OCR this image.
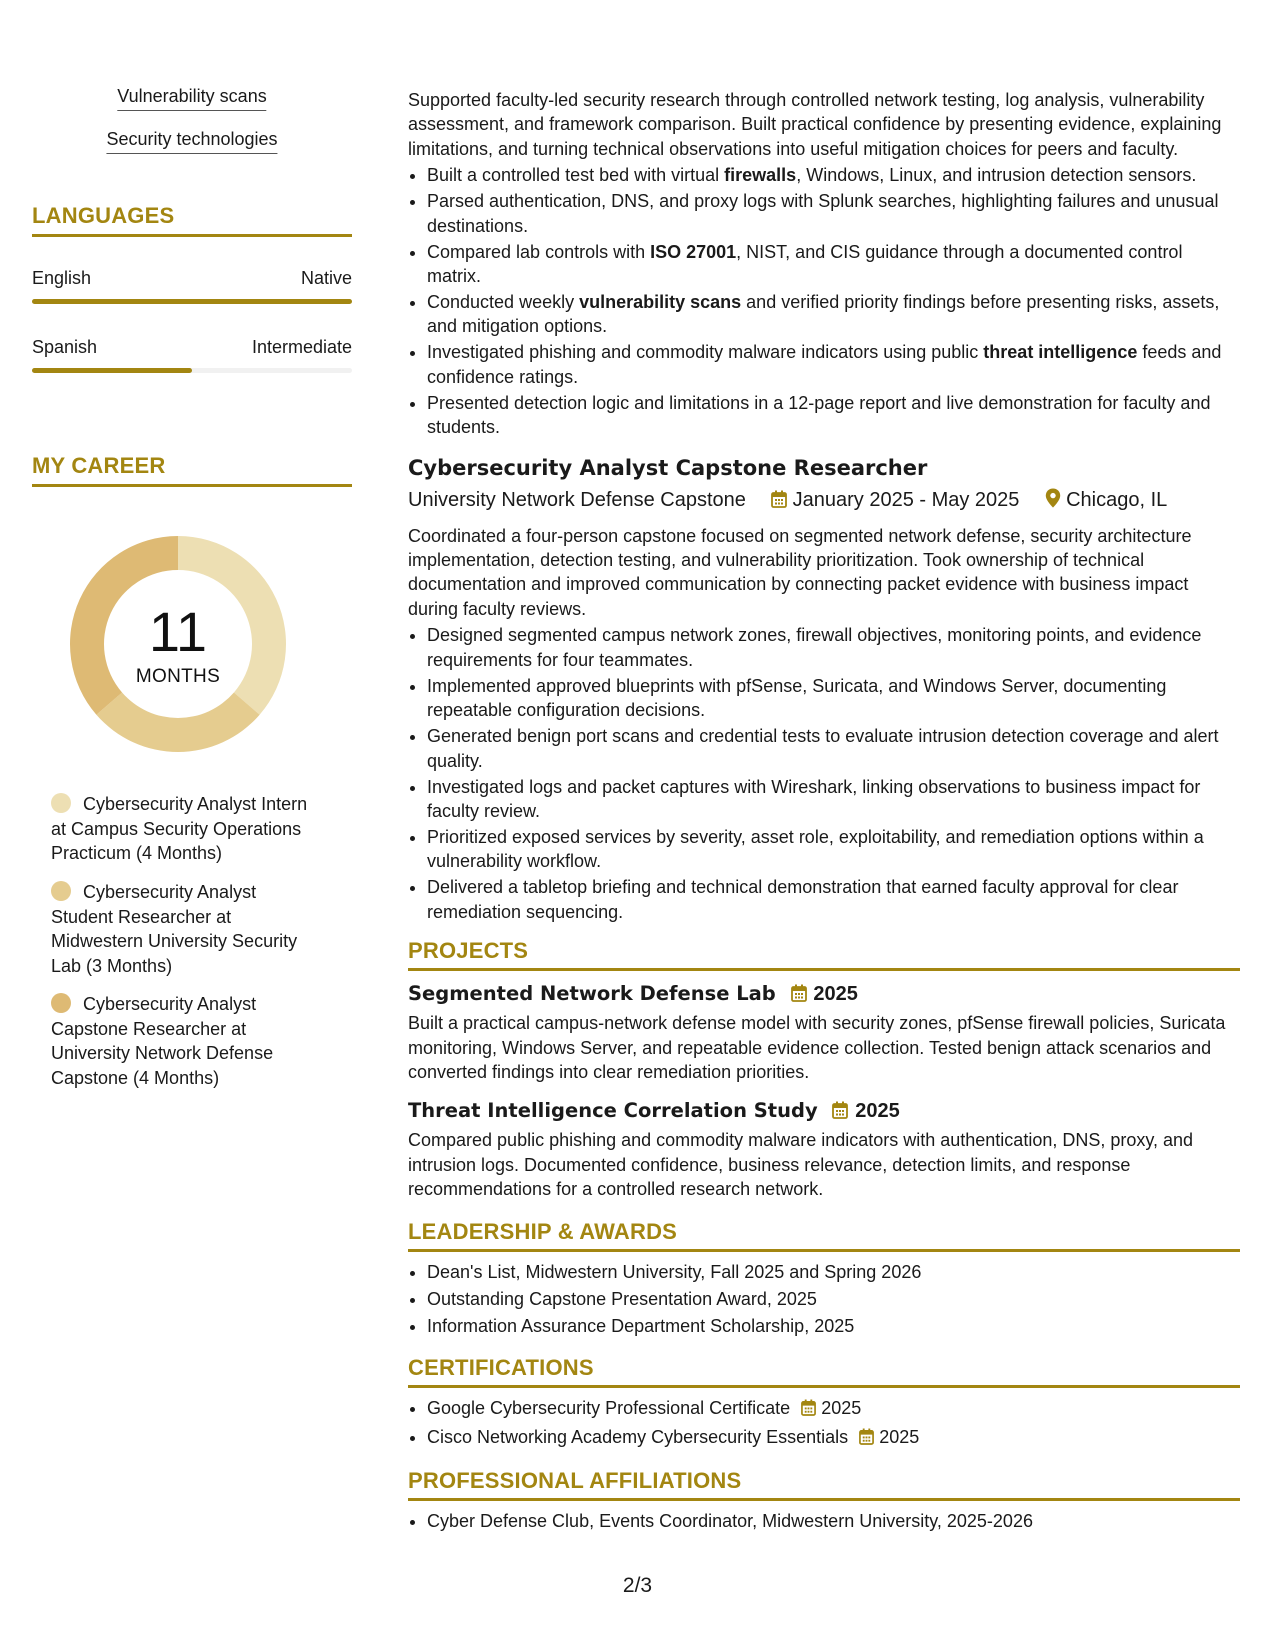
Vulnerability scans
Security technologies
LANGUAGES
English	Native
Spanish	Intermediate
MY CAREER
11
MONTHS
Cybersecurity Analyst Intern at Campus Security Operations Practicum (4 Months)
Cybersecurity Analyst Student Researcher at Midwestern University Security Lab (3 Months)
Cybersecurity Analyst Capstone Researcher at University Network Defense Capstone (4 Months)

Supported faculty-led security research through controlled network testing, log analysis, vulnerability assessment, and framework comparison. Built practical confidence by presenting evidence, explaining limitations, and turning technical observations into useful mitigation choices for peers and faculty.

• Built a controlled test bed with virtual firewalls, Windows, Linux, and intrusion detection sensors.
• Parsed authentication, DNS, and proxy logs with Splunk searches, highlighting failures and unusual destinations.
• Compared lab controls with ISO 27001, NIST, and CIS guidance through a documented control matrix.
• Conducted weekly vulnerability scans and verified priority findings before presenting risks, assets, and mitigation options.
• Investigated phishing and commodity malware indicators using public threat intelligence feeds and confidence ratings.
• Presented detection logic and limitations in a 12-page report and live demonstration for faculty and students.
Cybersecurity Analyst Capstone Researcher
University Network Defense Capstone January 2025 - May 2025 Chicago, IL

Coordinated a four-person capstone focused on segmented network defense, security architecture implementation, detection testing, and vulnerability prioritization. Took ownership of technical documentation and improved communication by connecting packet evidence with business impact during faculty reviews.

• Designed segmented campus network zones, firewall objectives, monitoring points, and evidence requirements for four teammates.
• Implemented approved blueprints with pfSense, Suricata, and Windows Server, documenting repeatable configuration decisions.
• Generated benign port scans and credential tests to evaluate intrusion detection coverage and alert quality.
• Investigated logs and packet captures with Wireshark, linking observations to business impact for faculty review.
• Prioritized exposed services by severity, asset role, exploitability, and remediation options within a vulnerability workflow.
• Delivered a tabletop briefing and technical demonstration that earned faculty approval for clear remediation sequencing.
PROJECTS
Segmented Network Defense Lab 2025

Built a practical campus-network defense model with security zones, pfSense firewall policies, Suricata monitoring, Windows Server, and repeatable evidence collection. Tested benign attack scenarios and converted findings into clear remediation priorities.

Threat Intelligence Correlation Study 2025

Compared public phishing and commodity malware indicators with authentication, DNS, proxy, and intrusion logs. Documented confidence, business relevance, detection limits, and response recommendations for a controlled research network.

LEADERSHIP & AWARDS
• Dean's List, Midwestern University, Fall 2025 and Spring 2026
• Outstanding Capstone Presentation Award, 2025
• Information Assurance Department Scholarship, 2025
CERTIFICATIONS
• Google Cybersecurity Professional Certificate 2025
• Cisco Networking Academy Cybersecurity Essentials 2025
PROFESSIONAL AFFILIATIONS
• Cyber Defense Club, Events Coordinator, Midwestern University, 2025-2026
2/3
